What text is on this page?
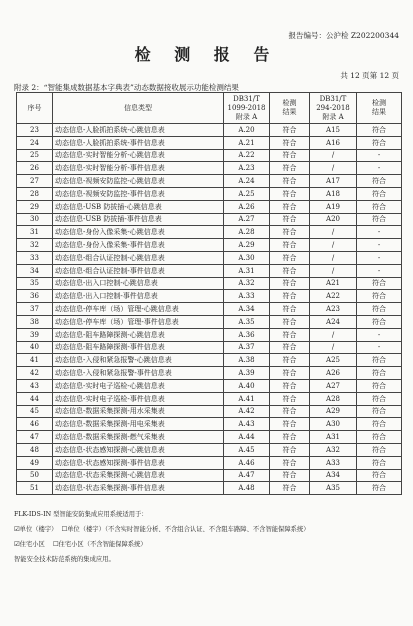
报告编号：公沪检 Z202200344
检 测 报 告
共 12 页第 12 页
附录 2：“智能集成数据基本字典表”动态数据接收展示功能检测结果
序号	信息类型	DB31/T
1099-2018
附录 A	检测
结果	DB31/T
294-2018
附录 A	检测
结果
23	动态信息-人脸抓拍系统-心跳信息表	A.20	符合	A15	符合
24	动态信息-人脸抓拍系统-事件信息表	A.21	符合	A16	符合
25	动态信息-实时智能分析-心跳信息表	A.22	符合	/	-
26	动态信息-实时智能分析-事件信息表	A.23	符合	/	-
27	动态信息-视频安防监控-心跳信息表	A.24	符合	A17	符合
28	动态信息-视频安防监控-事件信息表	A.25	符合	A18	符合
29	动态信息-USB 防拔插-心跳信息表	A.26	符合	A19	符合
30	动态信息-USB 防拔插-事件信息表	A.27	符合	A20	符合
31	动态信息-身份入像采集-心跳信息表	A.28	符合	/	-
32	动态信息-身份入像采集-事件信息表	A.29	符合	/	-
33	动态信息-组合认证控制-心跳信息表	A.30	符合	/	-
34	动态信息-组合认证控制-事件信息表	A.31	符合	/	-
35	动态信息-出入口控制-心跳信息表	A.32	符合	A21	符合
36	动态信息-出入口控制-事件信息表	A.33	符合	A22	符合
37	动态信息-停车库（场）管理-心跳信息表	A.34	符合	A23	符合
38	动态信息-停车库（场）管理-事件信息表	A.35	符合	A24	符合
39	动态信息-阻车路障探测-心跳信息表	A.36	符合	/	-
40	动态信息-阻车路障探测-事件信息表	A.37	符合	/	-
41	动态信息-入侵和紧急报警-心跳信息表	A.38	符合	A25	符合
42	动态信息-入侵和紧急报警-事件信息表	A.39	符合	A26	符合
43	动态信息-实时电子巡检-心跳信息表	A.40	符合	A27	符合
44	动态信息-实时电子巡检-事件信息表	A.41	符合	A28	符合
45	动态信息-数据采集探测-用水采集表	A.42	符合	A29	符合
46	动态信息-数据采集探测-用电采集表	A.43	符合	A30	符合
47	动态信息-数据采集探测-燃气采集表	A.44	符合	A31	符合
48	动态信息-状态感知探测-心跳信息表	A.45	符合	A32	符合
49	动态信息-状态感知探测-事件信息表	A.46	符合	A33	符合
50	动态信息-状态采集探测-心跳信息表	A.47	符合	A34	符合
51	动态信息-状态采集探测-事件信息表	A.48	符合	A35	符合
FLK-IDS-IN 型智能安防集成应用系统适用于：
☑单位（楼宇） ☐单位（楼宇）（不含实时智能分析、不含组合认证、不含阻车路障、不含智能保障系统）
☑住宅小区 ☐住宅小区（不含智能保障系统）
智能安全技术防范系统的集成应用。
